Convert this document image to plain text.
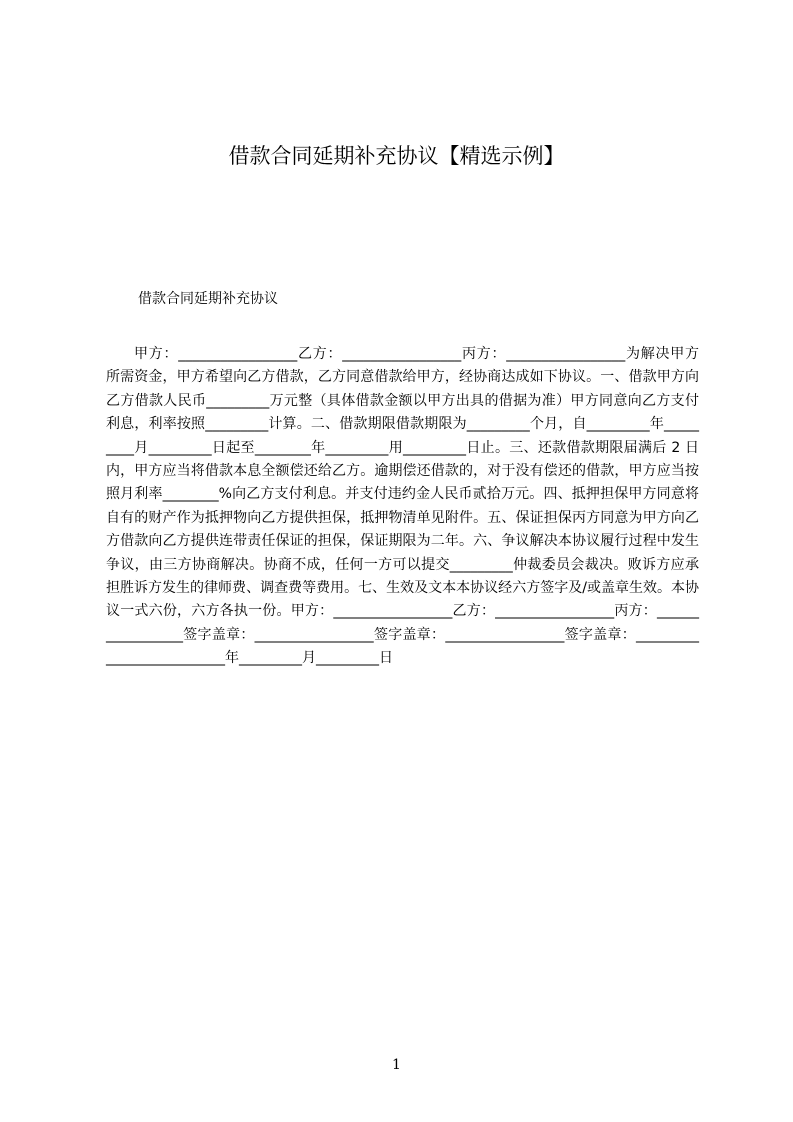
借款合同延期补充协议【精选示例】

借款合同延期补充协议

甲方：_________________乙方：_________________丙方：_________________为解决甲方所需资金，甲方希望向乙方借款，乙方同意借款给甲方，经协商达成如下协议。一、借款甲方向乙方借款人民币_________万元整（具体借款金额以甲方出具的借据为准）甲方同意向乙方支付利息，利率按照_________计算。二、借款期限借款期限为_________个月，自_________年_________月_________日起至________年_________用_________日止。三、还款借款期限届满后 2 日内，甲方应当将借款本息全额偿还给乙方。逾期偿还借款的，对于没有偿还的借款，甲方应当按照月利率________%向乙方支付利息。并支付违约金人民币贰拾万元。四、抵押担保甲方同意将自有的财产作为抵押物向乙方提供担保，抵押物清单见附件。五、保证担保丙方同意为甲方向乙方借款向乙方提供连带责任保证的担保，保证期限为二年。六、争议解决本协议履行过程中发生争议，由三方协商解决。协商不成，任何一方可以提交_________仲裁委员会裁决。败诉方应承担胜诉方发生的律师费、调查费等费用。七、生效及文本本协议经六方签字及/或盖章生效。本协议一式六份，六方各执一份。甲方：_________________乙方：_________________丙方：_________________签字盖章：_________________签字盖章：_________________签字盖章：__________________________年_________月_________日

1
